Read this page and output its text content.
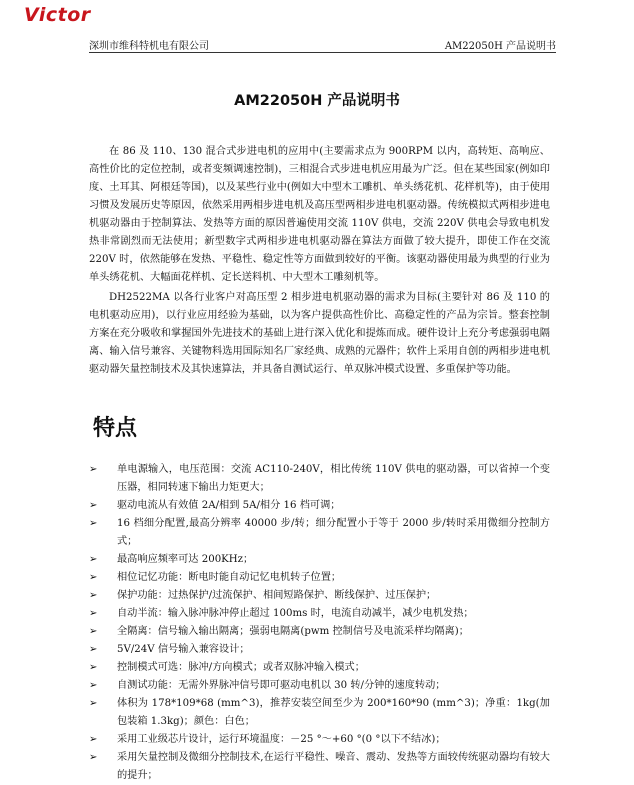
Victor
深圳市维科特机电有限公司	AM22050H 产品说明书
AM22050H 产品说明书

在 86 及 110、130 混合式步进电机的应用中(主要需求点为 900RPM 以内，高转矩、高响应、高性价比的定位控制，或者变频调速控制)，三相混合式步进电机应用最为广泛。但在某些国家(例如印度、土耳其、阿根廷等国)，以及某些行业中(例如大中型木工雕机、单头绣花机、花样机等)，由于使用习惯及发展历史等原因，依然采用两相步进电机及高压型两相步进电机驱动器。传统模拟式两相步进电机驱动器由于控制算法、发热等方面的原因普遍使用交流 110V 供电，交流 220V 供电会导致电机发热非常剧烈而无法使用；新型数字式两相步进电机驱动器在算法方面做了较大提升，即使工作在交流 220V 时，依然能够在发热、平稳性、稳定性等方面做到较好的平衡。该驱动器使用最为典型的行业为单头绣花机、大幅面花样机、定长送料机、中大型木工雕刻机等。

DH2522MA 以各行业客户对高压型 2 相步进电机驱动器的需求为目标(主要针对 86 及 110 的电机驱动应用)，以行业应用经验为基础，以为客户提供高性价比、高稳定性的产品为宗旨。整套控制方案在充分吸收和掌握国外先进技术的基础上进行深入优化和提炼而成。硬件设计上充分考虑强弱电隔离、输入信号兼容、关键物料选用国际知名厂家经典、成熟的元器件；软件上采用自创的两相步进电机驱动器矢量控制技术及其快速算法，并具备自测试运行、单双脉冲模式设置、多重保护等功能。

特点
➢	单电源输入，电压范围：交流 AC110-240V，相比传统 110V 供电的驱动器，可以省掉一个变压器，相同转速下输出力矩更大；
➢	驱动电流从有效值 2A/相到 5A/相分 16 档可调；
➢	16 档细分配置,最高分辨率 40000 步/转；细分配置小于等于 2000 步/转时采用微细分控制方式；
➢	最高响应频率可达 200KHz；
➢	相位记忆功能：断电时能自动记忆电机转子位置；
➢	保护功能：过热保护/过流保护、相间短路保护、断线保护、过压保护；
➢	自动半流：输入脉冲脉冲停止超过 100ms 时，电流自动减半，减少电机发热；
➢	全隔离：信号输入输出隔离；强弱电隔离(pwm 控制信号及电流采样均隔离)；
➢	5V/24V 信号输入兼容设计；
➢	控制模式可选：脉冲/方向模式；或者双脉冲输入模式；
➢	自测试功能：无需外界脉冲信号即可驱动电机以 30 转/分钟的速度转动；
➢	体积为 178*109*68 (mm^3)，推荐安装空间至少为 200*160*90 (mm^3)；净重：1kg(加包装箱 1.3kg)；颜色：白色；
➢	采用工业级芯片设计，运行环境温度：－25 °～+60 °(0 °以下不结冰)；
➢	采用矢量控制及微细分控制技术,在运行平稳性、噪音、震动、发热等方面较传统驱动器均有较大的提升；
